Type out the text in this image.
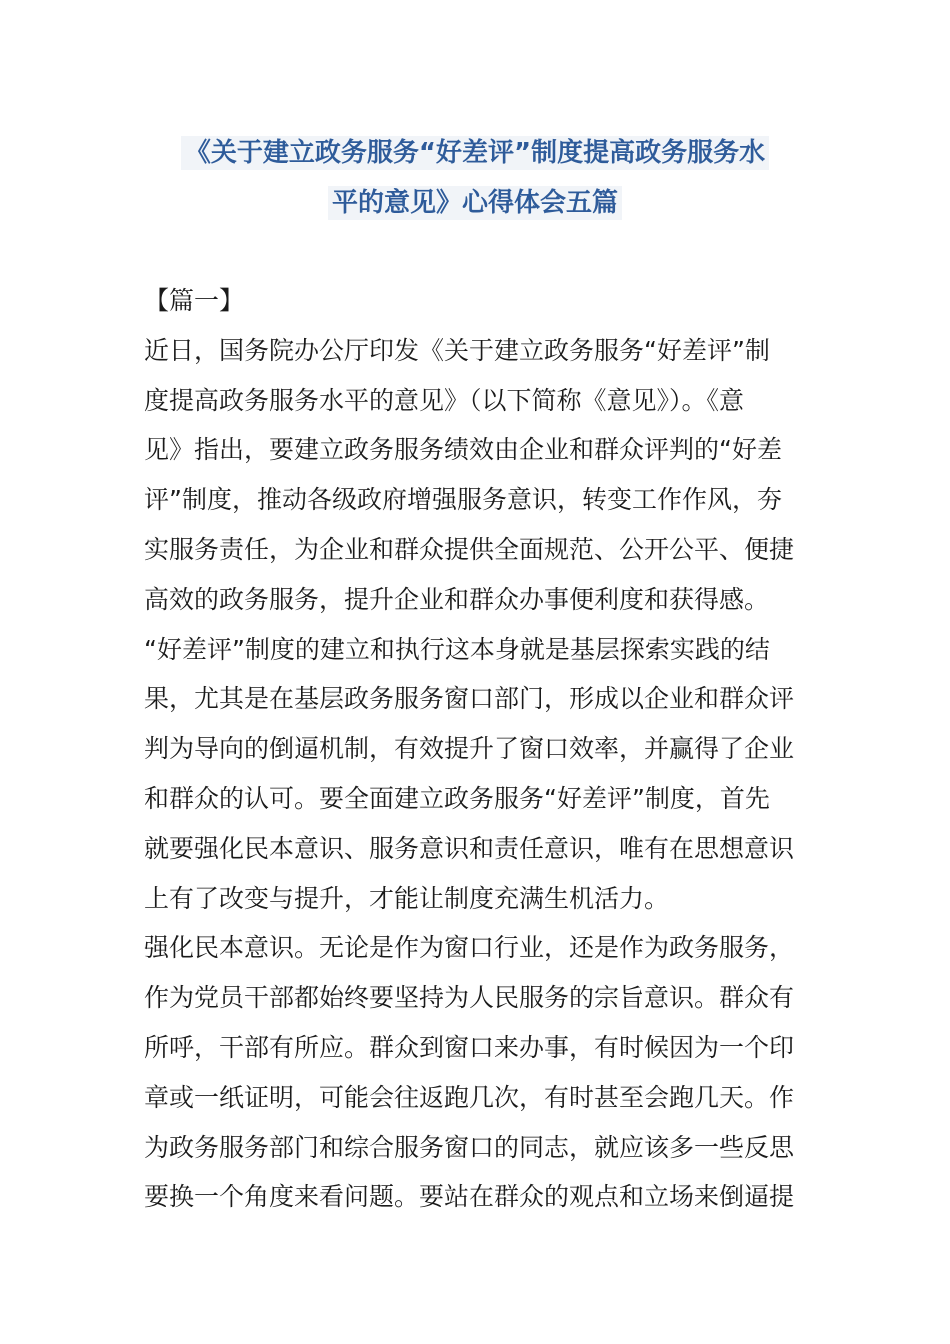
《关于建立政务服务“好差评”制度提高政务服务水
平的意见》心得体会五篇
【篇一】
近日，国务院办公厅印发《关于建立政务服务“好差评”制
度提高政务服务水平的意见》（以下简称《意见》）。《意
见》指出，要建立政务服务绩效由企业和群众评判的“好差
评”制度，推动各级政府增强服务意识，转变工作作风，夯
实服务责任，为企业和群众提供全面规范、公开公平、便捷
高效的政务服务，提升企业和群众办事便利度和获得感。
“好差评”制度的建立和执行这本身就是基层探索实践的结
果，尤其是在基层政务服务窗口部门，形成以企业和群众评
判为导向的倒逼机制，有效提升了窗口效率，并赢得了企业
和群众的认可。要全面建立政务服务“好差评”制度，首先
就要强化民本意识、服务意识和责任意识，唯有在思想意识
上有了改变与提升，才能让制度充满生机活力。
强化民本意识。无论是作为窗口行业，还是作为政务服务，
作为党员干部都始终要坚持为人民服务的宗旨意识。群众有
所呼，干部有所应。群众到窗口来办事，有时候因为一个印
章或一纸证明，可能会往返跑几次，有时甚至会跑几天。作
为政务服务部门和综合服务窗口的同志，就应该多一些反思
要换一个角度来看问题。要站在群众的观点和立场来倒逼提
